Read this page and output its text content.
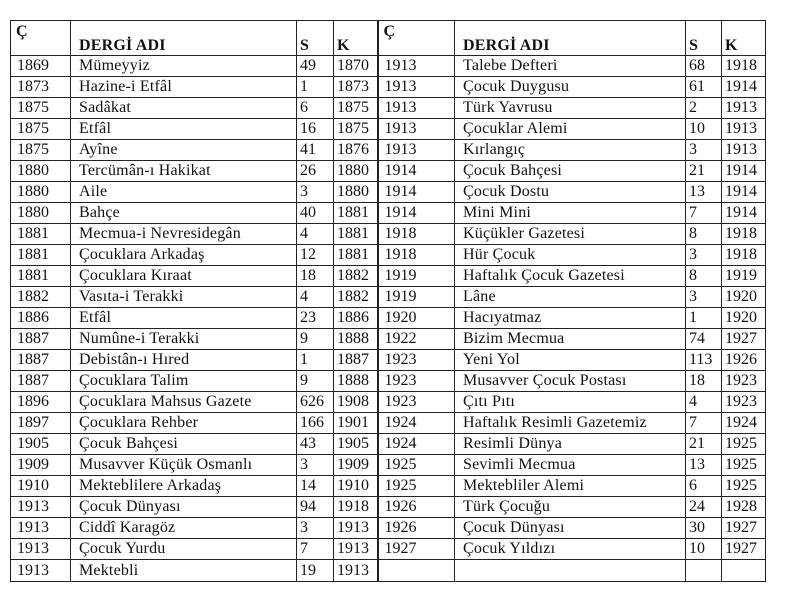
Ç	DERGİ ADI	S	K	Ç	DERGİ ADI	S	K
1869	Mümeyyiz	49	1870	1913	Talebe Defteri	68	1918
1873	Hazine-i Etfâl	1	1873	1913	Çocuk Duygusu	61	1914
1875	Sadâkat	6	1875	1913	Türk Yavrusu	2	1913
1875	Etfâl	16	1875	1913	Çocuklar Alemi	10	1913
1875	Ayîne	41	1876	1913	Kırlangıç	3	1913
1880	Tercümân-ı Hakikat	26	1880	1914	Çocuk Bahçesi	21	1914
1880	Aile	3	1880	1914	Çocuk Dostu	13	1914
1880	Bahçe	40	1881	1914	Mini Mini	7	1914
1881	Mecmua-i Nevresidegân	4	1881	1918	Küçükler Gazetesi	8	1918
1881	Çocuklara Arkadaş	12	1881	1918	Hür Çocuk	3	1918
1881	Çocuklara Kıraat	18	1882	1919	Haftalık Çocuk Gazetesi	8	1919
1882	Vasıta-i Terakki	4	1882	1919	Lâne	3	1920
1886	Etfâl	23	1886	1920	Hacıyatmaz	1	1920
1887	Numûne-i Terakki	9	1888	1922	Bizim Mecmua	74	1927
1887	Debistân-ı Hıred	1	1887	1923	Yeni Yol	113	1926
1887	Çocuklara Talim	9	1888	1923	Musavver Çocuk Postası	18	1923
1896	Çocuklara Mahsus Gazete	626	1908	1923	Çıtı Pıtı	4	1923
1897	Çocuklara Rehber	166	1901	1924	Haftalık Resimli Gazetemiz	7	1924
1905	Çocuk Bahçesi	43	1905	1924	Resimli Dünya	21	1925
1909	Musavver Küçük Osmanlı	3	1909	1925	Sevimli Mecmua	13	1925
1910	Mekteblilere Arkadaş	14	1910	1925	Mektebliler Alemi	6	1925
1913	Çocuk Dünyası	94	1918	1926	Türk Çocuğu	24	1928
1913	Ciddî Karagöz	3	1913	1926	Çocuk Dünyası	30	1927
1913	Çocuk Yurdu	7	1913	1927	Çocuk Yıldızı	10	1927
1913	Mektebli	19	1913				
